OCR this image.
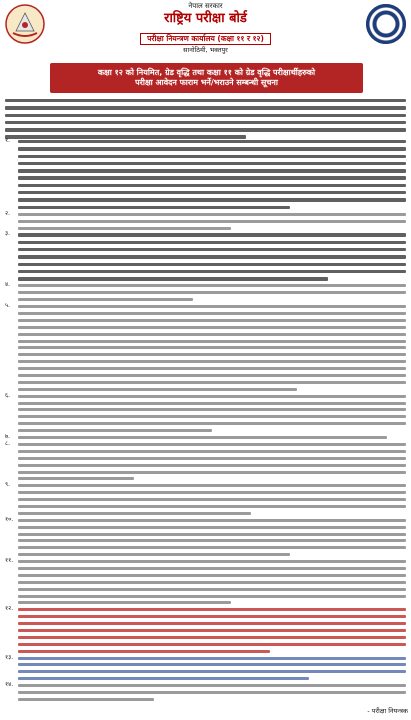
नेपाल सरकार
राष्ट्रिय परीक्षा बोर्ड
परीक्षा नियन्त्रण कार्यालय (कक्षा ११ र १२)
सानोठिमी, भक्तपुर
कक्षा १२ को नियमित, ग्रेड वृद्धि तथा कक्षा ११ को ग्रेड वृद्धि परीक्षार्थीहरुको
परीक्षा आवेदन फाराम भर्ने/भराउने सम्बन्धी सूचना
१.
२.
३.
४.
५.
६.
७.
८.
९.
१०.
११.
१२.
१३.
१४.
- परीक्षा नियन्त्रक
